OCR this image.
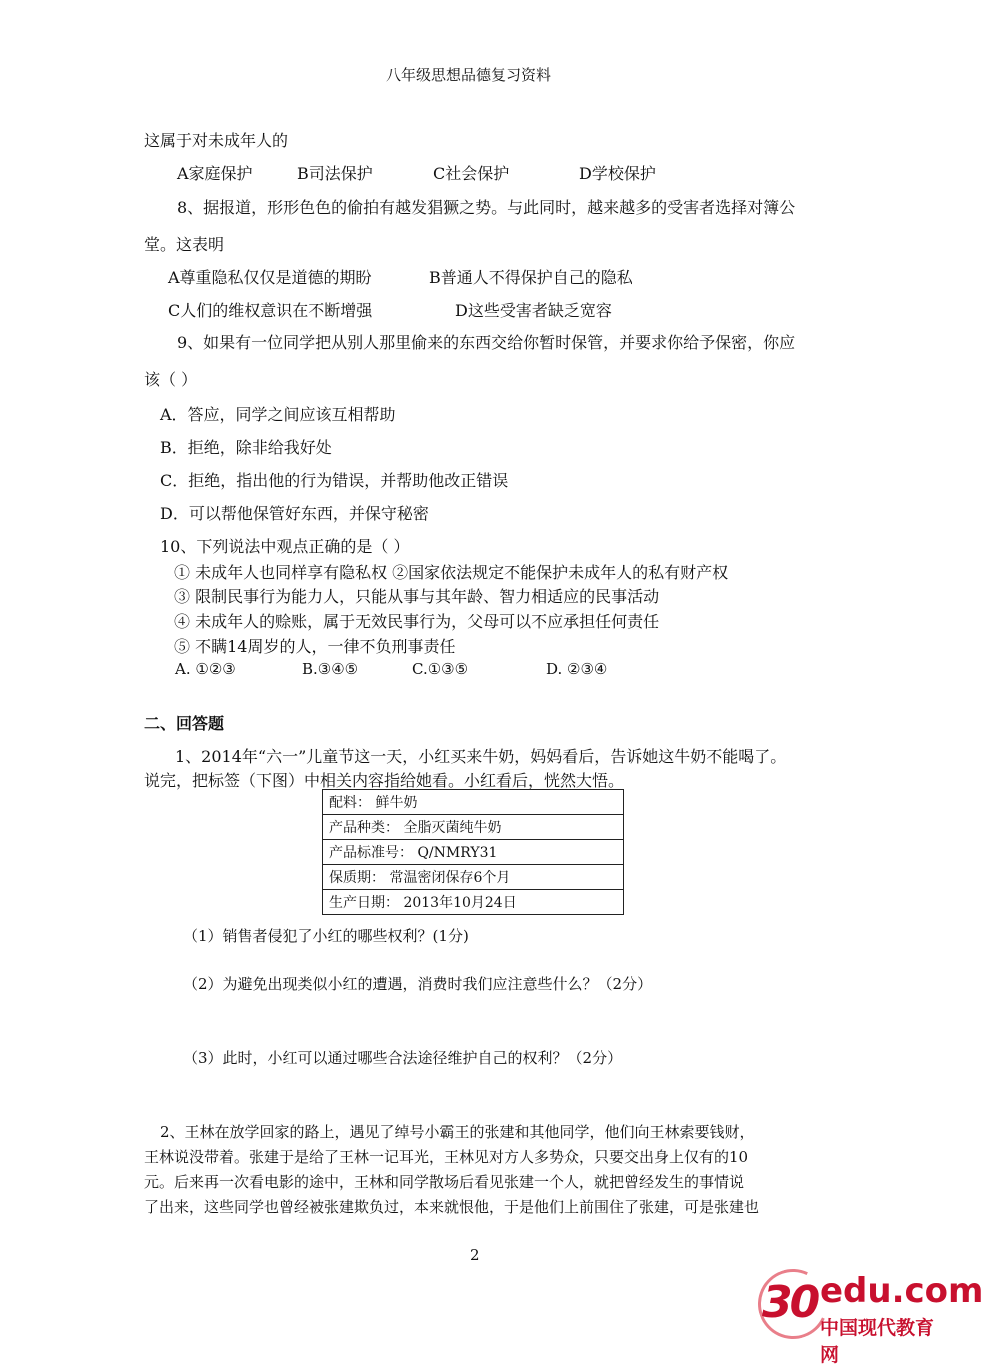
八年级思想品德复习资料
这属于对未成年人的
A家庭保护	B司法保护	C社会保护	D学校保护
8、据报道，形形色色的偷拍有越发猖獗之势。与此同时，越来越多的受害者选择对簿公
堂。这表明
A尊重隐私仅仅是道德的期盼	B普通人不得保护自己的隐私
C人们的维权意识在不断增强	D这些受害者缺乏宽容
9、如果有一位同学把从别人那里偷来的东西交给你暂时保管，并要求你给予保密，你应
该（ ）
A．答应，同学之间应该互相帮助
B．拒绝，除非给我好处
C．拒绝，指出他的行为错误，并帮助他改正错误
D．可以帮他保管好东西，并保守秘密
10、下列说法中观点正确的是（ ）
① 未成年人也同样享有隐私权 ②国家依法规定不能保护未成年人的私有财产权
③ 限制民事行为能力人，只能从事与其年龄、智力相适应的民事活动
④ 未成年人的赊账，属于无效民事行为，父母可以不应承担任何责任
⑤ 不瞒14周岁的人，一律不负刑事责任
A. ①②③	B.③④⑤	C.①③⑤	D. ②③④
二、回答题
1、2014年“六一”儿童节这一天，小红买来牛奶，妈妈看后，告诉她这牛奶不能喝了。
说完，把标签（下图）中相关内容指给她看。小红看后，恍然大悟。
配料： 鲜牛奶
产品种类： 全脂灭菌纯牛奶
产品标准号： Q/NMRY31
保质期： 常温密闭保存6个月
生产日期： 2013年10月24日
（1）销售者侵犯了小红的哪些权利？(1分)
（2）为避免出现类似小红的遭遇，消费时我们应注意些什么？（2分）
（3）此时，小红可以通过哪些合法途径维护自己的权利？（2分）
2、王林在放学回家的路上，遇见了绰号小霸王的张建和其他同学，他们向王林索要钱财，
王林说没带着。张建于是给了王林一记耳光，王林见对方人多势众，只要交出身上仅有的10
元。后来再一次看电影的途中，王林和同学散场后看见张建一个人，就把曾经发生的事情说
了出来，这些同学也曾经被张建欺负过，本来就恨他，于是他们上前围住了张建，可是张建也
2
30 edu.com
中国现代教育网
